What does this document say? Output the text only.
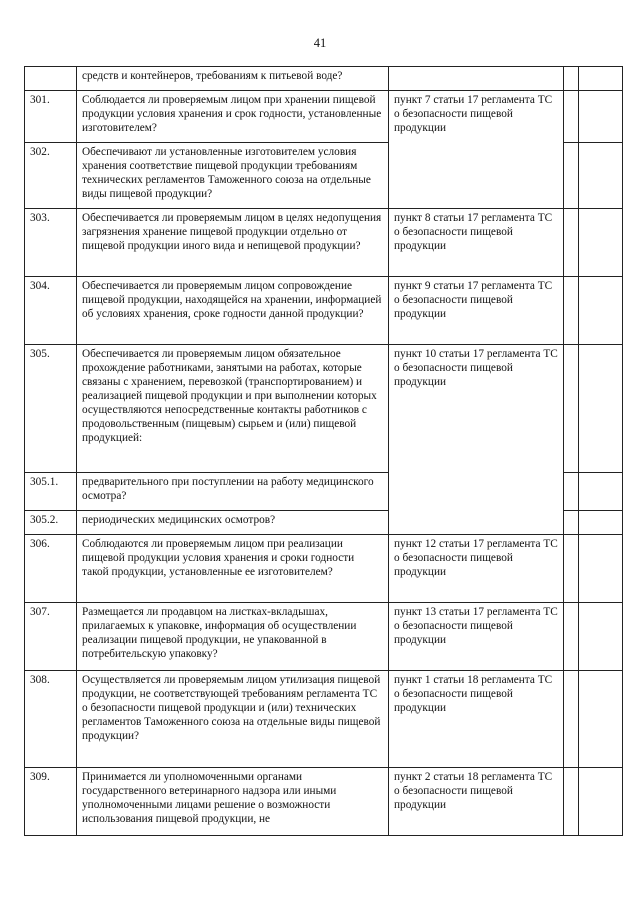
41
	средств и контейнеров, требованиям к питьевой воде?			
301.	Соблюдается ли проверяемым лицом при хранении пищевой продукции условия хранения и срок годности, установленные изготовителем?	пункт 7 статьи 17 регламента ТС о безопасности пищевой продукции		
302.	Обеспечивают ли установленные изготовителем условия хранения соответствие пищевой продукции требованиям технических регламентов Таможенного союза на отдельные виды пищевой продукции?			
303.	Обеспечивается ли проверяемым лицом в целях недопущения загрязнения хранение пищевой продукции отдельно от пищевой продукции иного вида и непищевой продукции?	пункт 8 статьи 17 регламента ТС о безопасности пищевой продукции		
304.	Обеспечивается ли проверяемым лицом сопровождение пищевой продукции, находящейся на хранении, информацией об условиях хранения, сроке годности данной продукции?	пункт 9 статьи 17 регламента ТС о безопасности пищевой продукции		
305.	Обеспечивается ли проверяемым лицом обязательное прохождение работниками, занятыми на работах, которые связаны с хранением, перевозкой (транспортированием) и реализацией пищевой продукции и при выполнении которых осуществляются непосредственные контакты работников с продовольственным (пищевым) сырьем и (или) пищевой продукцией:	пункт 10 статьи 17 регламента ТС о безопасности пищевой продукции		
305.1.	предварительного при поступлении на работу медицинского осмотра?			
305.2.	периодических медицинских осмотров?			
306.	Соблюдаются ли проверяемым лицом при реализации пищевой продукции условия хранения и сроки годности такой продукции, установленные ее изготовителем?	пункт 12 статьи 17 регламента ТС о безопасности пищевой продукции		
307.	Размещается ли продавцом на листках-вкладышах, прилагаемых к упаковке, информация об осуществлении реализации пищевой продукции, не упакованной в потребительскую упаковку?	пункт 13 статьи 17 регламента ТС о безопасности пищевой продукции		
308.	Осуществляется ли проверяемым лицом утилизация пищевой продукции, не соответствующей требованиям регламента ТС о безопасности пищевой продукции и (или) технических регламентов Таможенного союза на отдельные виды пищевой продукции?	пункт 1 статьи 18 регламента ТС о безопасности пищевой продукции		
309.	Принимается ли уполномоченными органами государственного ветеринарного надзора или иными уполномоченными лицами решение о возможности использования пищевой продукции, не	пункт 2 статьи 18 регламента ТС о безопасности пищевой продукции		
